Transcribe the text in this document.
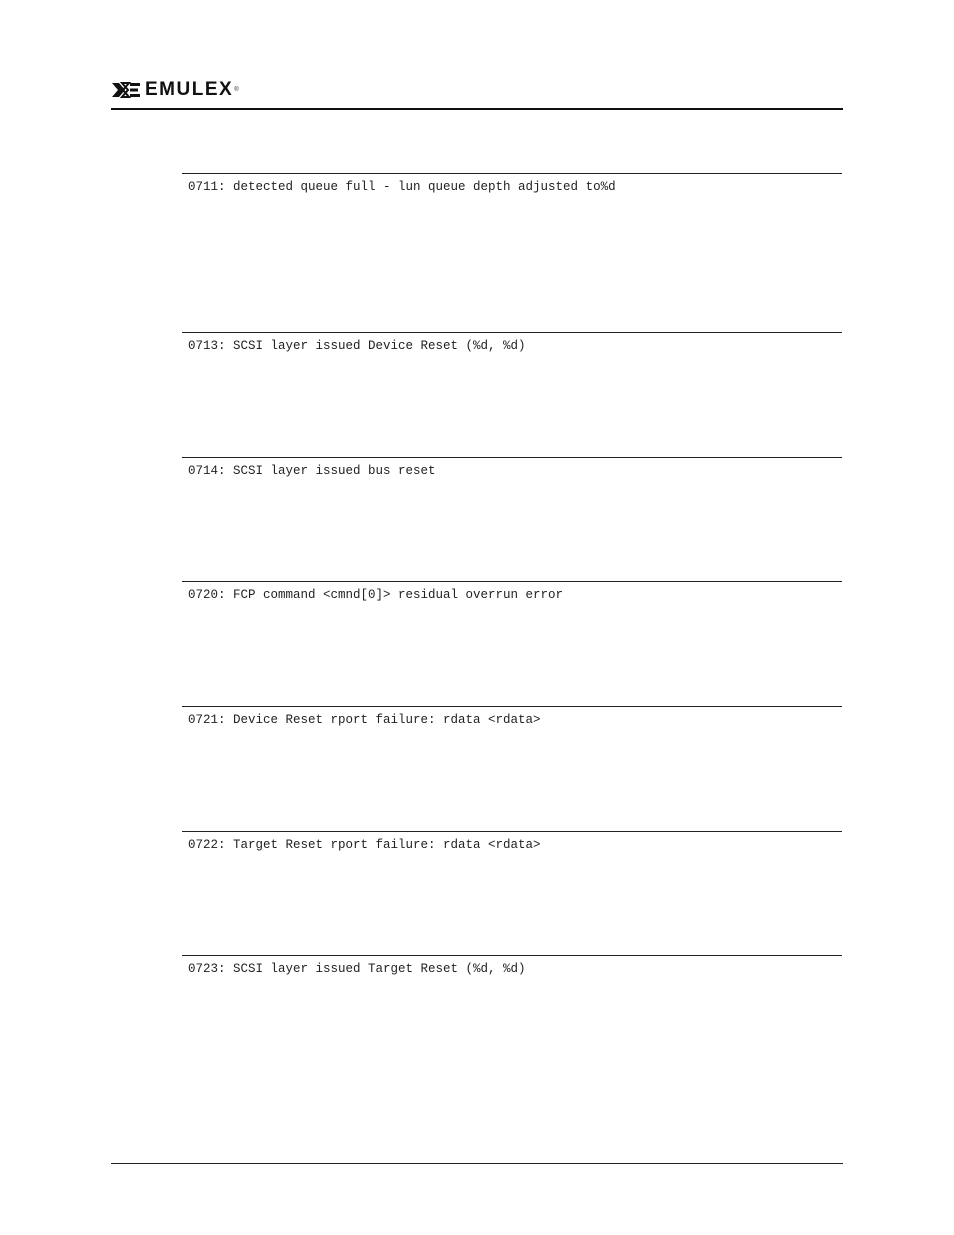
EMULEX ®
0711: detected queue full - lun queue depth adjusted to%d
0713: SCSI layer issued Device Reset (%d, %d)
0714: SCSI layer issued bus reset
0720: FCP command <cmnd[0]> residual overrun error
0721: Device Reset rport failure: rdata <rdata>
0722: Target Reset rport failure: rdata <rdata>
0723: SCSI layer issued Target Reset (%d, %d)
